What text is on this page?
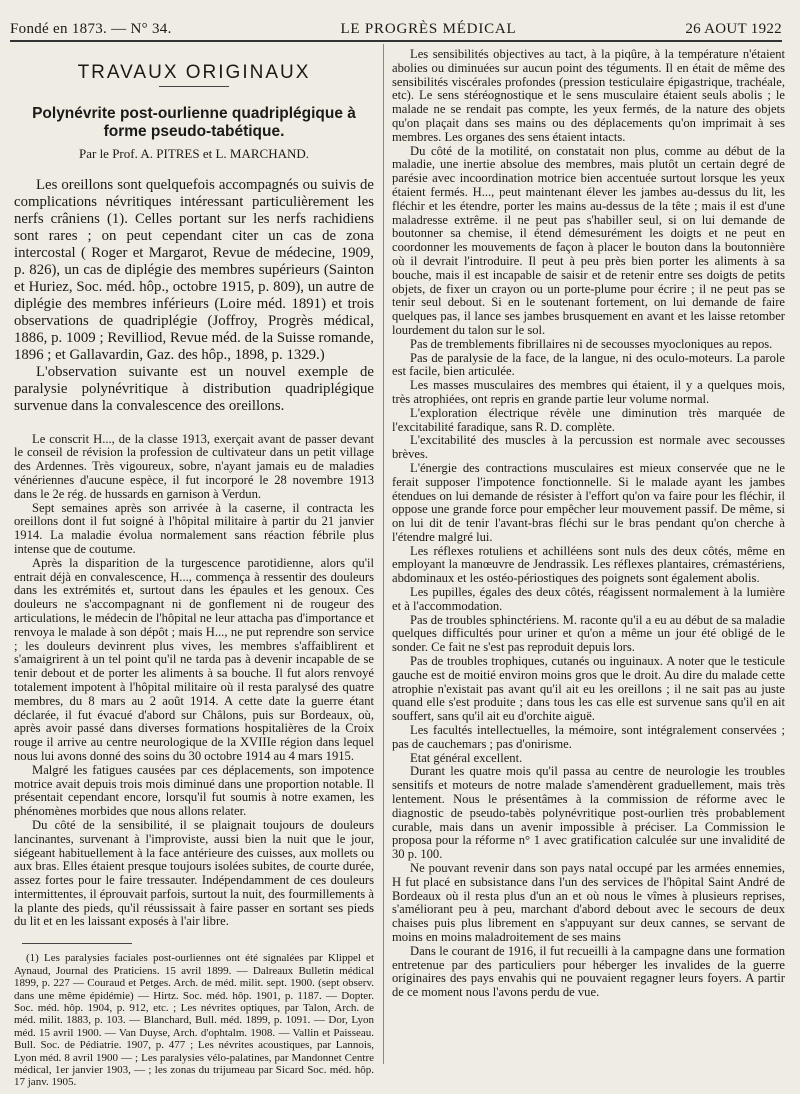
Fondé en 1873. — N° 34.	LE PROGRÈS MÉDICAL	26 AOUT 1922
TRAVAUX ORIGINAUX
Polynévrite post-ourlienne quadriplégique à forme pseudo-tabétique.
Par le Prof. A. PITRES et L. MARCHAND.

Les oreillons sont quelquefois accompagnés ou suivis de complications névritiques intéressant particulièrement les nerfs crâniens (1). Celles portant sur les nerfs rachidiens sont rares ; on peut cependant citer un cas de zona intercostal ( Roger et Margarot, Revue de médecine, 1909, p. 826), un cas de diplégie des membres supérieurs (Sainton et Huriez, Soc. méd. hôp., octobre 1915, p. 809), un autre de diplégie des membres inférieurs (Loire méd. 1891) et trois observations de quadriplégie (Joffroy, Progrès médical, 1886, p. 1009 ; Revilliod, Revue méd. de la Suisse romande, 1896 ; et Gallavardin, Gaz. des hôp., 1898, p. 1329.)

L'observation suivante est un nouvel exemple de paralysie polynévritique à distribution quadriplégique survenue dans la convalescence des oreillons.

Le conscrit H..., de la classe 1913, exerçait avant de passer devant le conseil de révision la profession de cultivateur dans un petit village des Ardennes. Très vigoureux, sobre, n'ayant jamais eu de maladies vénériennes d'aucune espèce, il fut incorporé le 28 novembre 1913 dans le 2e rég. de hussards en garnison à Verdun.

Sept semaines après son arrivée à la caserne, il contracta les oreillons dont il fut soigné à l'hôpital militaire à partir du 21 janvier 1914. La maladie évolua normalement sans réaction fébrile plus intense que de coutume.

Après la disparition de la turgescence parotidienne, alors qu'il entrait déjà en convalescence, H..., commença à ressentir des douleurs dans les extrémités et, surtout dans les épaules et les genoux. Ces douleurs ne s'accompagnant ni de gonflement ni de rougeur des articulations, le médecin de l'hôpital ne leur attacha pas d'importance et renvoya le malade à son dépôt ; mais H..., ne put reprendre son service ; les douleurs devinrent plus vives, les membres s'affaiblirent et s'amaigrirent à un tel point qu'il ne tarda pas à devenir incapable de se tenir debout et de porter les aliments à sa bouche. Il fut alors renvoyé totalement impotent à l'hôpital militaire où il resta paralysé des quatre membres, du 8 mars au 2 août 1914. A cette date la guerre étant déclarée, il fut évacué d'abord sur Châlons, puis sur Bordeaux, où, après avoir passé dans diverses formations hospitalières de la Croix rouge il arrive au centre neurologique de la XVIIIe région dans lequel nous lui avons donné des soins du 30 octobre 1914 au 4 mars 1915.

Malgré les fatigues causées par ces déplacements, son impotence motrice avait depuis trois mois diminué dans une proportion notable. Il présentait cependant encore, lorsqu'il fut soumis à notre examen, les phénomènes morbides que nous allons relater.

Du côté de la sensibilité, il se plaignait toujours de douleurs lancinantes, survenant à l'improviste, aussi bien la nuit que le jour, siégeant habituellement à la face antérieure des cuisses, aux mollets ou aux bras. Elles étaient presque toujours isolées subites, de courte durée, assez fortes pour le faire tressauter. Indépendamment de ces douleurs intermittentes, il éprouvait parfois, surtout la nuit, des fourmillements à la plante des pieds, qu'il réussissait à faire passer en sortant ses pieds du lit et en les laissant exposés à l'air libre.

(1) Les paralysies faciales post-ourliennes ont été signalées par Klippel et Aynaud, Journal des Praticiens. 15 avril 1899. — Dalreaux Bulletin médical 1899, p. 227 — Couraud et Petges. Arch. de méd. milit. sept. 1900. (sept observ. dans une même épidémie) — Hirtz. Soc. méd. hôp. 1901, p. 1187. — Dopter. Soc. méd. hôp. 1904, p. 912, etc. ; Les névrites optiques, par Talon, Arch. de méd. milit. 1883, p. 103. — Blanchard, Bull. méd. 1899, p. 1091. — Dor, Lyon méd. 15 avril 1900. — Van Duyse, Arch. d'ophtalm. 1908. — Vallin et Paisseau. Bull. Soc. de Pédiatrie. 1907, p. 477 ; Les névrites acoustiques, par Lannois, Lyon méd. 8 avril 1900 — ; Les paralysies vélo-palatines, par Mandonnet Centre médical, 1er janvier 1903, — ; les zonas du trijumeau par Sicard Soc. méd. hôp. 17 janv. 1905.

Les sensibilités objectives au tact, à la piqûre, à la température n'étaient abolies ou diminuées sur aucun point des téguments. Il en était de même des sensibilités viscérales profondes (pression testiculaire épigastrique, trachéale, etc). Le sens stéréognostique et le sens musculaire étaient seuls abolis ; le malade ne se rendait pas compte, les yeux fermés, de la nature des objets qu'on plaçait dans ses mains ou des déplacements qu'on imprimait à ses membres. Les organes des sens étaient intacts.

Du côté de la motilité, on constatait non plus, comme au début de la maladie, une inertie absolue des membres, mais plutôt un certain degré de parésie avec incoordination motrice bien accentuée surtout lorsque les yeux étaient fermés. H..., peut maintenant élever les jambes au-dessus du lit, les fléchir et les étendre, porter les mains au-dessus de la tête ; mais il est d'une maladresse extrême. il ne peut pas s'habiller seul, si on lui demande de boutonner sa chemise, il étend démesurément les doigts et ne peut en coordonner les mouvements de façon à placer le bouton dans la boutonnière où il devrait l'introduire. Il peut à peu près bien porter les aliments à sa bouche, mais il est incapable de saisir et de retenir entre ses doigts de petits objets, de fixer un crayon ou un porte-plume pour écrire ; il ne peut pas se tenir seul debout. Si en le soutenant fortement, on lui demande de faire quelques pas, il lance ses jambes brusquement en avant et les laisse retomber lourdement du talon sur le sol.

Pas de tremblements fibrillaires ni de secousses myocloniques au repos.

Pas de paralysie de la face, de la langue, ni des oculo-moteurs. La parole est facile, bien articulée.

Les masses musculaires des membres qui étaient, il y a quelques mois, très atrophiées, ont repris en grande partie leur volume normal.

L'exploration électrique révèle une diminution très marquée de l'excitabilité faradique, sans R. D. complète.

L'excitabilité des muscles à la percussion est normale avec secousses brèves.

L'énergie des contractions musculaires est mieux conservée que ne le ferait supposer l'impotence fonctionnelle. Si le malade ayant les jambes étendues on lui demande de résister à l'effort qu'on va faire pour les fléchir, il oppose une grande force pour empêcher leur mouvement passif. De même, si on lui dit de tenir l'avant-bras fléchi sur le bras pendant qu'on cherche à l'étendre malgré lui.

Les réflexes rotuliens et achilléens sont nuls des deux côtés, même en employant la manœuvre de Jendrassik. Les réflexes plantaires, crémastériens, abdominaux et les ostéo-périostiques des poignets sont également abolis.

Les pupilles, égales des deux côtés, réagissent normalement à la lumière et à l'accommodation.

Pas de troubles sphinctériens. M. raconte qu'il a eu au début de sa maladie quelques difficultés pour uriner et qu'on a même un jour été obligé de le sonder. Ce fait ne s'est pas reproduit depuis lors.

Pas de troubles trophiques, cutanés ou inguinaux. A noter que le testicule gauche est de moitié environ moins gros que le droit. Au dire du malade cette atrophie n'existait pas avant qu'il ait eu les oreillons ; il ne sait pas au juste quand elle s'est produite ; dans tous les cas elle est survenue sans qu'il en ait souffert, sans qu'il ait eu d'orchite aiguë.

Les facultés intellectuelles, la mémoire, sont intégralement conservées ; pas de cauchemars ; pas d'onirisme.

Etat général excellent.

Durant les quatre mois qu'il passa au centre de neurologie les troubles sensitifs et moteurs de notre malade s'amendèrent graduellement, mais très lentement. Nous le présentâmes à la commission de réforme avec le diagnostic de pseudo-tabès polynévritique post-ourlien très probablement curable, mais dans un avenir impossible à préciser. La Commission le proposa pour la réforme n° 1 avec gratification calculée sur une invalidité de 30 p. 100.

Ne pouvant revenir dans son pays natal occupé par les armées ennemies, H fut placé en subsistance dans l'un des services de l'hôpital Saint André de Bordeaux où il resta plus d'un an et où nous le vîmes à plusieurs reprises, s'améliorant peu à peu, marchant d'abord debout avec le secours de deux chaises puis plus librement en s'appuyant sur deux cannes, se servant de moins en moins maladroitement de ses mains

Dans le courant de 1916, il fut recueilli à la campagne dans une formation entretenue par des particuliers pour héberger les invalides de la guerre originaires des pays envahis qui ne pouvaient regagner leurs foyers. A partir de ce moment nous l'avons perdu de vue.
